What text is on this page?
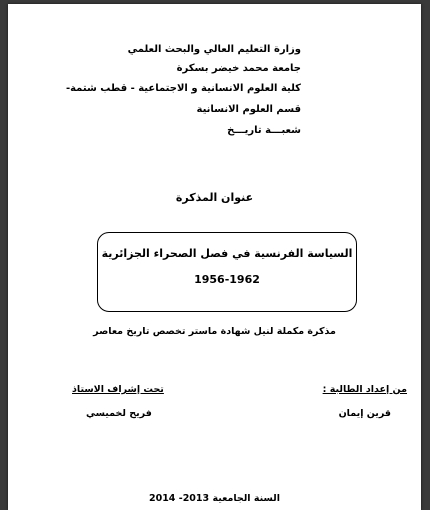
وزارة التعليم العالي والبحث العلمي
جامعة محمد خيضر بسكرة
كلية العلوم الانسانية و الاجتماعية - قطب شتمة-
قسم العلوم الانسانية
شعبـــة تاريـــخ
عنوان المذكرة
السياسة الفرنسية في فصل الصحراء الجزائرية
1956-1962
مذكرة مكملة لنيل شهادة ماستر تخصص تاريخ معاصر
من إعداد الطالبة :
قرين إيمان
تحت إشراف الاستاذ
فريح لخميسي
السنة الجامعية 2013- 2014
